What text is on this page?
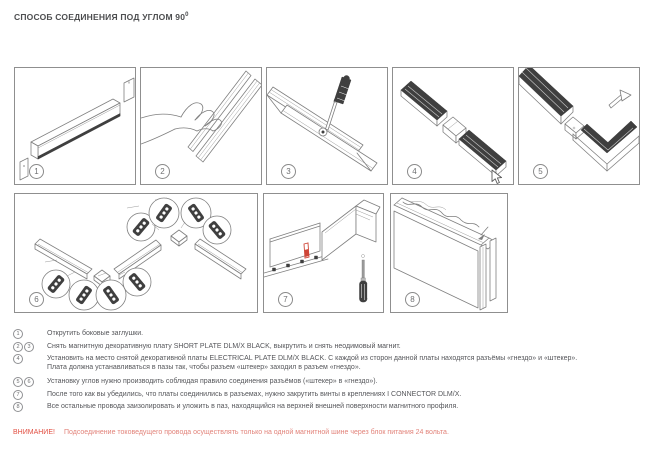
СПОСОБ СОЕДИНЕНИЯ ПОД УГЛОМ $90^0$
1	2	3	4	5
6	7	8
1	Открутить боковые заглушки.
2	3	Снять магнитную декоративную плату SHORT PLATE DLM/X BLACK, выкрутить и снять неодимовый магнит.
4	Установить на место снятой декоративной платы ELECTRICAL PLATE DLM/X BLACK. С каждой из сторон данной платы находятся разъёмы «гнездо» и «штекер».
Плата должна устанавливаться в пазы так, чтобы разъем «штекер» заходил в разъем «гнездо».
5	6	Установку углов нужно производить соблюдая правило соединения разъёмов («штекер» в «гнездо»).
7	После того как вы убедились, что платы соединились в разъемах, нужно закрутить винты в креплениях I CONNECTOR DLM/X.
8	Все остальные провода заизолировать и уложить в паз, находящийся на верхней внешней поверхности магнитного профиля.
ВНИМАНИЕ! Подсоединение токоведущего провода осуществлять только на одной магнитной шине через блок питания 24 вольта.
